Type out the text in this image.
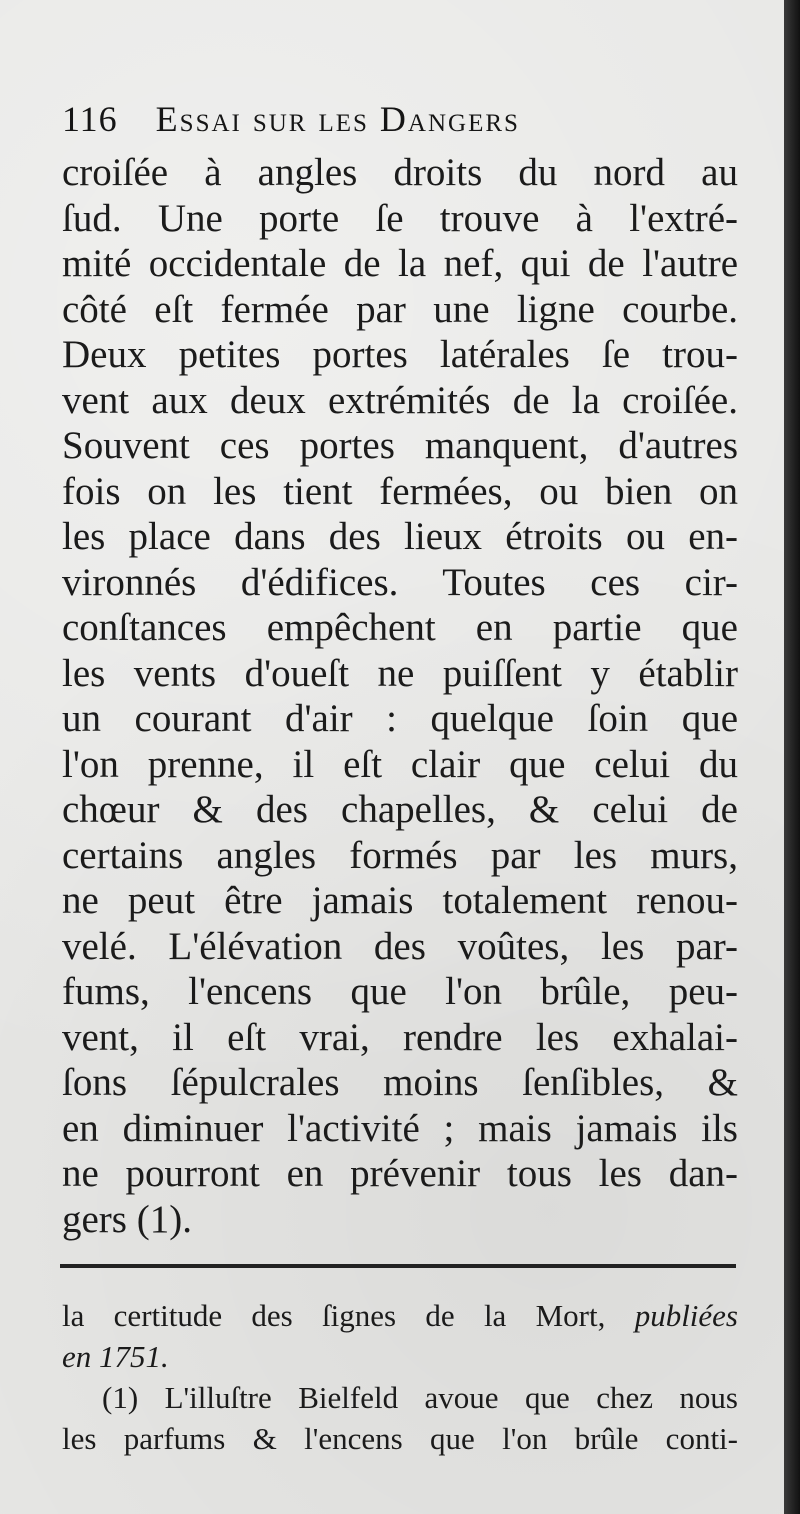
116 Essai sur les Dangers
croiſée à angles droits du nord au
ſud. Une porte ſe trouve à l'extré-
mité occidentale de la nef, qui de l'autre
côté eſt fermée par une ligne courbe.
Deux petites portes latérales ſe trou-
vent aux deux extrémités de la croiſée.
Souvent ces portes manquent, d'autres
fois on les tient fermées, ou bien on
les place dans des lieux étroits ou en-
vironnés d'édifices. Toutes ces cir-
conſtances empêchent en partie que
les vents d'oueſt ne puiſſent y établir
un courant d'air : quelque ſoin que
l'on prenne, il eſt clair que celui du
chœur & des chapelles, & celui de
certains angles formés par les murs,
ne peut être jamais totalement renou-
velé. L'élévation des voûtes, les par-
fums, l'encens que l'on brûle, peu-
vent, il eſt vrai, rendre les exhalai-
ſons ſépulcrales moins ſenſibles, &
en diminuer l'activité ; mais jamais ils
ne pourront en prévenir tous les dan-
gers (1).
la certitude des ſignes de la Mort, publiées
en 1751.
(1) L'illuſtre Bielfeld avoue que chez nous
les parfums & l'encens que l'on brûle conti-
